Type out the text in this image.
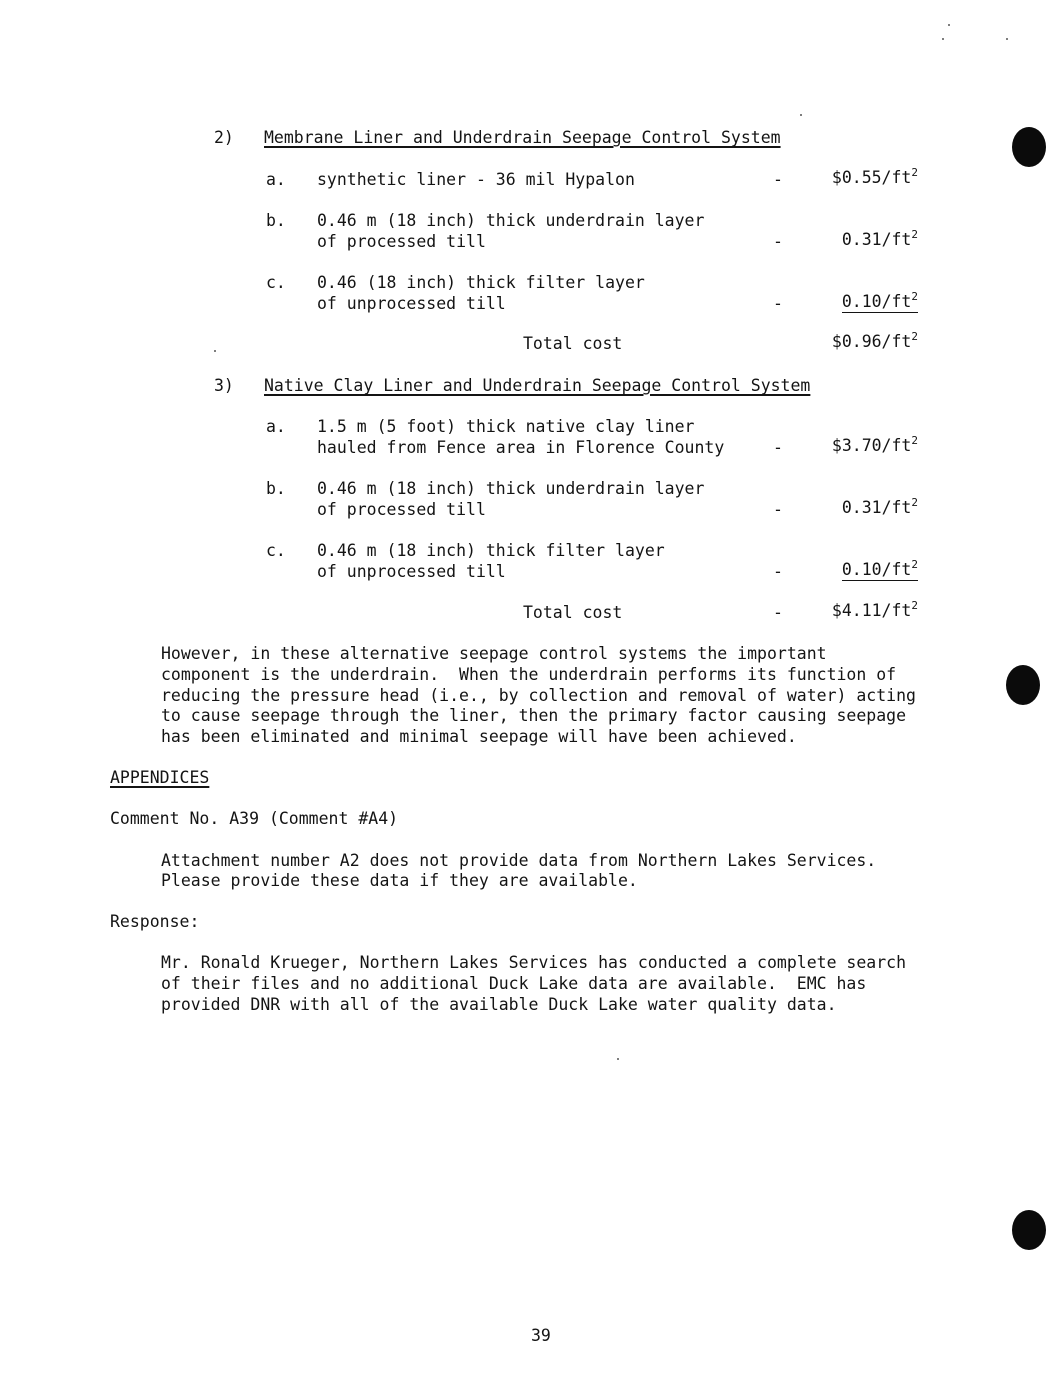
2) Membrane Liner and Underdrain Seepage Control System
a. synthetic liner - 36 mil Hypalon	-	$\$0.55/ft^2$
b. 0.46 m (18 inch) thick underdrain layer
of processed till	-	$0.31/ft^2$
c. 0.46 (18 inch) thick filter layer
of unprocessed till	-	$0.10/ft^2$
Total cost	$\$0.96/ft^2$
3) Native Clay Liner and Underdrain Seepage Control System
a. 1.5 m (5 foot) thick native clay liner
hauled from Fence area in Florence County	-	$\$3.70/ft^2$
b. 0.46 m (18 inch) thick underdrain layer
of processed till	-	$0.31/ft^2$
c. 0.46 m (18 inch) thick filter layer
of unprocessed till	-	$0.10/ft^2$
Total cost	-	$\$4.11/ft^2$
However, in these alternative seepage control systems the important
component is the underdrain.  When the underdrain performs its function of
reducing the pressure head (i.e., by collection and removal of water) acting
to cause seepage through the liner, then the primary factor causing seepage
has been eliminated and minimal seepage will have been achieved.
APPENDICES
Comment No. A39 (Comment #A4)
Attachment number A2 does not provide data from Northern Lakes Services.
Please provide these data if they are available.
Response:
Mr. Ronald Krueger, Northern Lakes Services has conducted a complete search
of their files and no additional Duck Lake data are available.  EMC has
provided DNR with all of the available Duck Lake water quality data.
39
